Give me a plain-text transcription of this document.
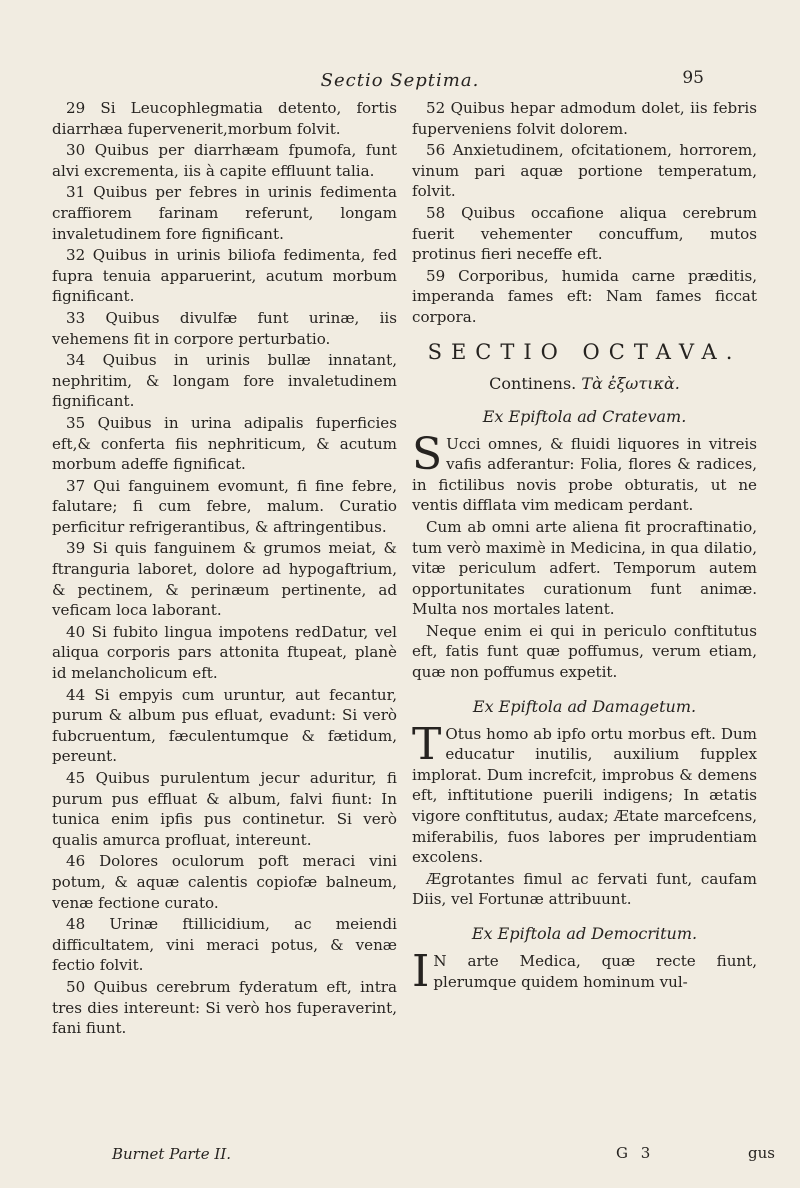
Sectio Septima.	95

29 Si Leucophlegmatia detento, fortis diarrhæa fupervenerit,morbum folvit.

30 Quibus per diarrhæam fpumofa, funt alvi excrementa, iis à capite effluunt talia.

31 Quibus per febres in urinis fedimenta craffiorem farinam referunt, longam invaletudinem fore fignificant.

32 Quibus in urinis biliofa fedimenta, fed fupra tenuia apparuerint, acutum morbum fignificant.

33 Quibus divulfæ funt urinæ, iis vehemens fit in corpore perturbatio.

34 Quibus in urinis bullæ innatant, nephritim, & longam fore invaletudinem fignificant.

35 Quibus in urina adipalis fuperficies eft,& conferta fiis nephriticum, & acutum morbum adeffe fignificat.

37 Qui fanguinem evomunt, fi fine febre, falutare; fi cum febre, malum. Curatio perficitur refrigerantibus, & aftringentibus.

39 Si quis fanguinem & grumos meiat, & ftranguria laboret, dolore ad hypogaftrium, & pectinem, & perinæum pertinente, ad veficam loca laborant.

40 Si fubito lingua impotens redDatur, vel aliqua corporis pars attonita ftupeat, planè id melancholicum eft.

44 Si empyis cum uruntur, aut fecantur, purum & album pus efluat, evadunt: Si verò fubcruentum, fæculentumque & fætidum, pereunt.

45 Quibus purulentum jecur aduritur, fi purum pus effluat & album, falvi fiunt: In tunica enim ipfis pus continetur. Si verò qualis amurca profluat, intereunt.

46 Dolores oculorum poft meraci vini potum, & aquæ calentis copiofæ balneum, venæ fectione curato.

48 Urinæ ftillicidium, ac meiendi difficultatem, vini meraci potus, & venæ fectio folvit.

50 Quibus cerebrum fyderatum eft, intra tres dies intereunt: Si verò hos fuperaverint, fani fiunt.

52 Quibus hepar admodum dolet, iis febris fuperveniens folvit dolorem.

56 Anxietudinem, ofcitationem, horrorem, vinum pari aquæ portione temperatum, folvit.

58 Quibus occafione aliqua cerebrum fuerit vehementer concuffum, mutos protinus fieri neceffe eft.

59 Corporibus, humida carne præditis, imperanda fames eft: Nam fames ficcat corpora.

SECTIO OCTAVA.
Continens. Τὰ ἐξωτικὰ.
Ex Epiftola ad Cratevam.

S Ucci omnes, & fluidi liquores in vitreis vafis adferantur: Folia, flores & radices, in fictilibus novis probe obturatis, ut ne ventis difflata vim medicam perdant.

Cum ab omni arte aliena fit procraftinatio, tum verò maximè in Medicina, in qua dilatio, vitæ periculum adfert. Temporum autem opportunitates curationum funt animæ. Multa nos mortales latent.

Neque enim ei qui in periculo conftitutus eft, fatis funt quæ poffumus, verum etiam, quæ non poffumus expetit.

Ex Epiftola ad Damagetum.

T Otus homo ab ipfo ortu morbus eft. Dum educatur inutilis, auxilium fupplex implorat. Dum increfcit, improbus & demens eft, inftitutione puerili indigens; In ætatis vigore conftitutus, audax; Ætate marcefcens, miferabilis, fuos labores per imprudentiam excolens.

Ægrotantes fimul ac fervati funt, caufam Diis, vel Fortunæ attribuunt.

Ex Epiftola ad Democritum.

I N arte Medica, quæ recte fiunt, plerumque quidem hominum vul-

Burnet Parte II.	G 3	gus
